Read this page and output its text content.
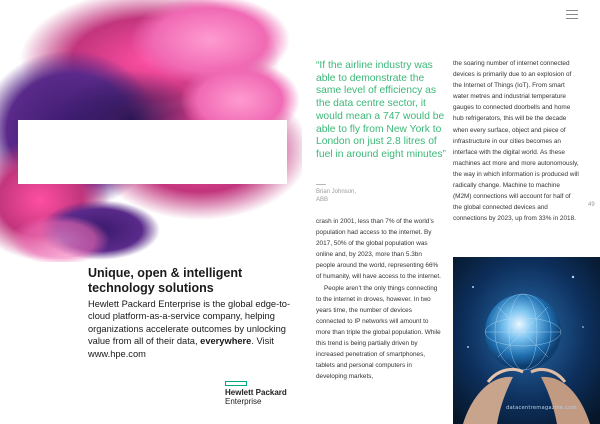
Unique, open & intelligent
technology solutions

Hewlett Packard Enterprise is the global edge-to-cloud platform-as-a-service company, helping organizations accelerate outcomes by unlocking value from all of their data, everywhere. Visit www.hpe.com

Hewlett Packard
Enterprise

“If the airline industry was able to demonstrate the same level of efficiency as the data centre sector, it would mean a 747 would be able to fly from New York to London on just 2.8 litres of fuel in around eight minutes”

Brian Johnson,
ABB

crash in 2001, less than 7% of the world’s population had access to the internet. By 2017, 50% of the global population was online and, by 2023, more than 5.3bn people around the world, representing 66% of humanity, will have access to the internet.

People aren’t the only things connecting to the internet in droves, however. In two years time, the number of devices connected to IP networks will amount to more than triple the global population. While this trend is being partially driven by increased penetration of smartphones, tablets and personal computers in developing markets,

the soaring number of internet connected devices is primarily due to an explosion of the Internet of Things (IoT). From smart water metres and industrial temperature gauges to connected doorbells and home hub refrigerators, this will be the decade when every surface, object and piece of infrastructure in our cities becomes an interface with the digital world. As these machines act more and more autonomously, the way in which information is produced will radically change. Machine to machine (M2M) connections will account for half of the global connected devices and connections by 2023, up from 33% in 2018.

49
datacentremagazine.com
